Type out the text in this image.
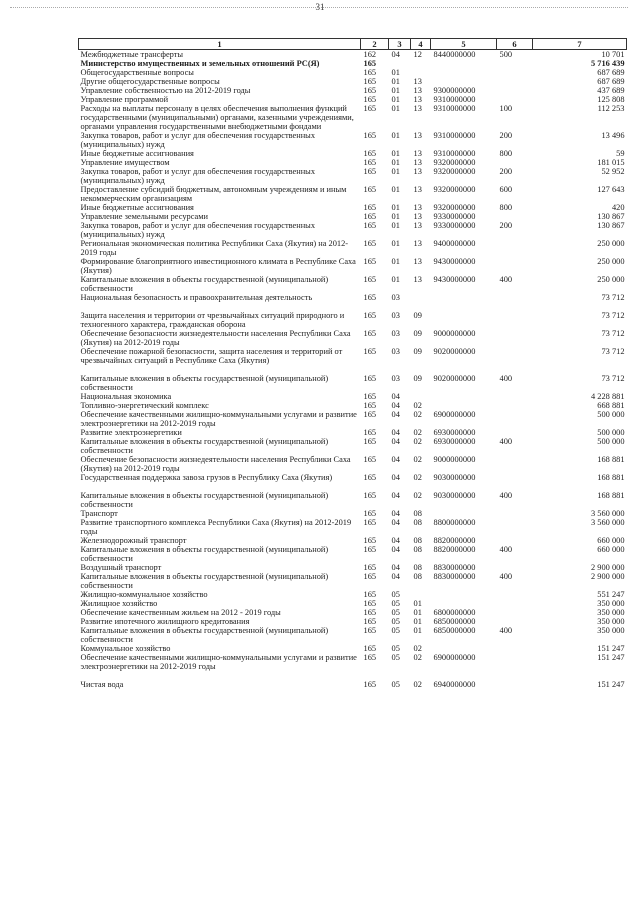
31
1	2	3	4	5	6	7
Межбюджетные трансферты	162	04	12	8440000000	500	10 701
Министерство имущественных и земельных отношений РС(Я)	165					5 716 439
Общегосударственные вопросы	165	01				687 689
Другие общегосударственные вопросы	165	01	13			687 689
Управление собственностью на 2012-2019 годы	165	01	13	9300000000		437 689
Управление программой	165	01	13	9310000000		125 808
Расходы на выплаты персоналу в целях обеспечения выполнения функций государственными (муниципальными) органами, казенными учреждениями, органами управления государственными внебюджетными фондами	165	01	13	9310000000	100	112 253
Закупка товаров, работ и услуг для обеспечения государственных (муниципальных) нужд	165	01	13	9310000000	200	13 496
Иные бюджетные ассигнования	165	01	13	9310000000	800	59
Управление имуществом	165	01	13	9320000000		181 015
Закупка товаров, работ и услуг для обеспечения государственных (муниципальных) нужд	165	01	13	9320000000	200	52 952
Предоставление субсидий бюджетным, автономным учреждениям и иным некоммерческим организациям	165	01	13	9320000000	600	127 643
Иные бюджетные ассигнования	165	01	13	9320000000	800	420
Управление земельными ресурсами	165	01	13	9330000000		130 867
Закупка товаров, работ и услуг для обеспечения государственных (муниципальных) нужд	165	01	13	9330000000	200	130 867
Региональная экономическая политика Республики Саха (Якутия) на 2012-2019 годы	165	01	13	9400000000		250 000
Формирование благоприятного инвестиционного климата в Республике Саха (Якутия)	165	01	13	9430000000		250 000
Капитальные вложения в объекты государственной (муниципальной) собственности	165	01	13	9430000000	400	250 000
Национальная безопасность и правоохранительная деятельность	165	03				73 712
Защита населения и территории от чрезвычайных ситуаций природного и техногенного характера, гражданская оборона	165	03	09			73 712
Обеспечение безопасности жизнедеятельности населения Республики Саха (Якутия) на 2012-2019 годы	165	03	09	9000000000		73 712
Обеспечение пожарной безопасности, защита населения и территорий от чрезвычайных ситуаций в Республике Саха (Якутия)	165	03	09	9020000000		73 712
Капитальные вложения в объекты государственной (муниципальной) собственности	165	03	09	9020000000	400	73 712
Национальная экономика	165	04				4 228 881
Топливно-энергетический комплекс	165	04	02			668 881
Обеспечение качественными жилищно-коммунальными услугами и развитие электроэнергетики на 2012-2019 годы	165	04	02	6900000000		500 000
Развитие электроэнергетики	165	04	02	6930000000		500 000
Капитальные вложения в объекты государственной (муниципальной) собственности	165	04	02	6930000000	400	500 000
Обеспечение безопасности жизнедеятельности населения Республики Саха (Якутия) на 2012-2019 годы	165	04	02	9000000000		168 881
Государственная поддержка завоза грузов в Республику Саха (Якутия)	165	04	02	9030000000		168 881
Капитальные вложения в объекты государственной (муниципальной) собственности	165	04	02	9030000000	400	168 881
Транспорт	165	04	08			3 560 000
Развитие транспортного комплекса Республики Саха (Якутия) на 2012-2019 годы	165	04	08	8800000000		3 560 000
Железнодорожный транспорт	165	04	08	8820000000		660 000
Капитальные вложения в объекты государственной (муниципальной) собственности	165	04	08	8820000000	400	660 000
Воздушный транспорт	165	04	08	8830000000		2 900 000
Капитальные вложения в объекты государственной (муниципальной) собственности	165	04	08	8830000000	400	2 900 000
Жилищно-коммунальное хозяйство	165	05				551 247
Жилищное хозяйство	165	05	01			350 000
Обеспечение качественным жильем на 2012 - 2019 годы	165	05	01	6800000000		350 000
Развитие ипотечного жилищного кредитования	165	05	01	6850000000		350 000
Капитальные вложения в объекты государственной (муниципальной) собственности	165	05	01	6850000000	400	350 000
Коммунальное хозяйство	165	05	02			151 247
Обеспечение качественными жилищно-коммунальными услугами и развитие электроэнергетики на 2012-2019 годы	165	05	02	6900000000		151 247
Чистая вода	165	05	02	6940000000		151 247
